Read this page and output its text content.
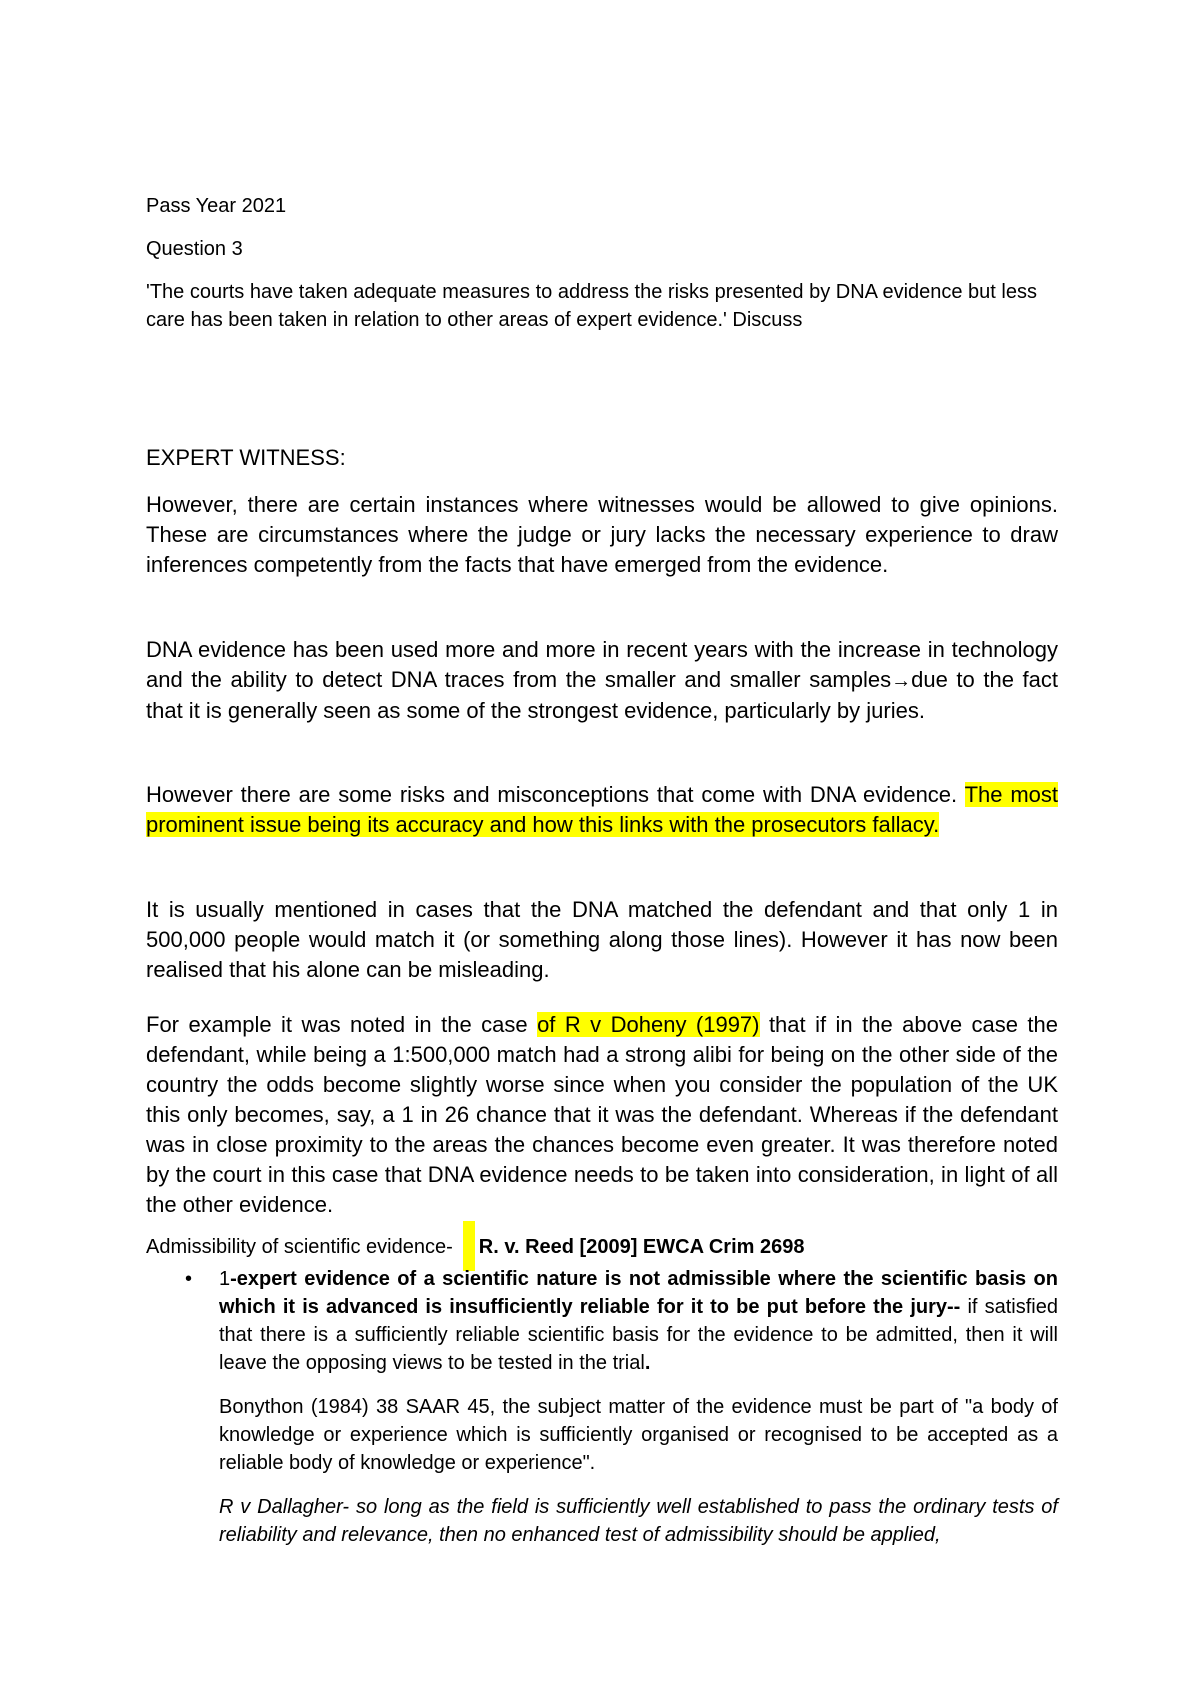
Pass Year 2021

Question 3

'The courts have taken adequate measures to address the risks presented by DNA evidence but less care has been taken in relation to other areas of expert evidence.' Discuss

EXPERT WITNESS:

However, there are certain instances where witnesses would be allowed to give opinions. These are circumstances where the judge or jury lacks the necessary experience to draw inferences competently from the facts that have emerged from the evidence.

DNA evidence has been used more and more in recent years with the increase in technology and the ability to detect DNA traces from the smaller and smaller samples→due to the fact that it is generally seen as some of the strongest evidence, particularly by juries.

However there are some risks and misconceptions that come with DNA evidence. The most prominent issue being its accuracy and how this links with the prosecutors fallacy.

It is usually mentioned in cases that the DNA matched the defendant and that only 1 in 500,000 people would match it (or something along those lines). However it has now been realised that his alone can be misleading.

For example it was noted in the case of R v Doheny (1997) that if in the above case the defendant, while being a 1:500,000 match had a strong alibi for being on the other side of the country the odds become slightly worse since when you consider the population of the UK this only becomes, say, a 1 in 26 chance that it was the defendant. Whereas if the defendant was in close proximity to the areas the chances become even greater. It was therefore noted by the court in this case that DNA evidence needs to be taken into consideration, in light of all the other evidence.

Admissibility of scientific evidence- R. v. Reed [2009] EWCA Crim 2698

• 1-expert evidence of a scientific nature is not admissible where the scientific basis on which it is advanced is insufficiently reliable for it to be put before the jury-- if satisfied that there is a sufficiently reliable scientific basis for the evidence to be admitted, then it will leave the opposing views to be tested in the trial.

Bonython (1984) 38 SAAR 45, the subject matter of the evidence must be part of "a body of knowledge or experience which is sufficiently organised or recognised to be accepted as a reliable body of knowledge or experience".

R v Dallagher- so long as the field is sufficiently well established to pass the ordinary tests of reliability and relevance, then no enhanced test of admissibility should be applied,
